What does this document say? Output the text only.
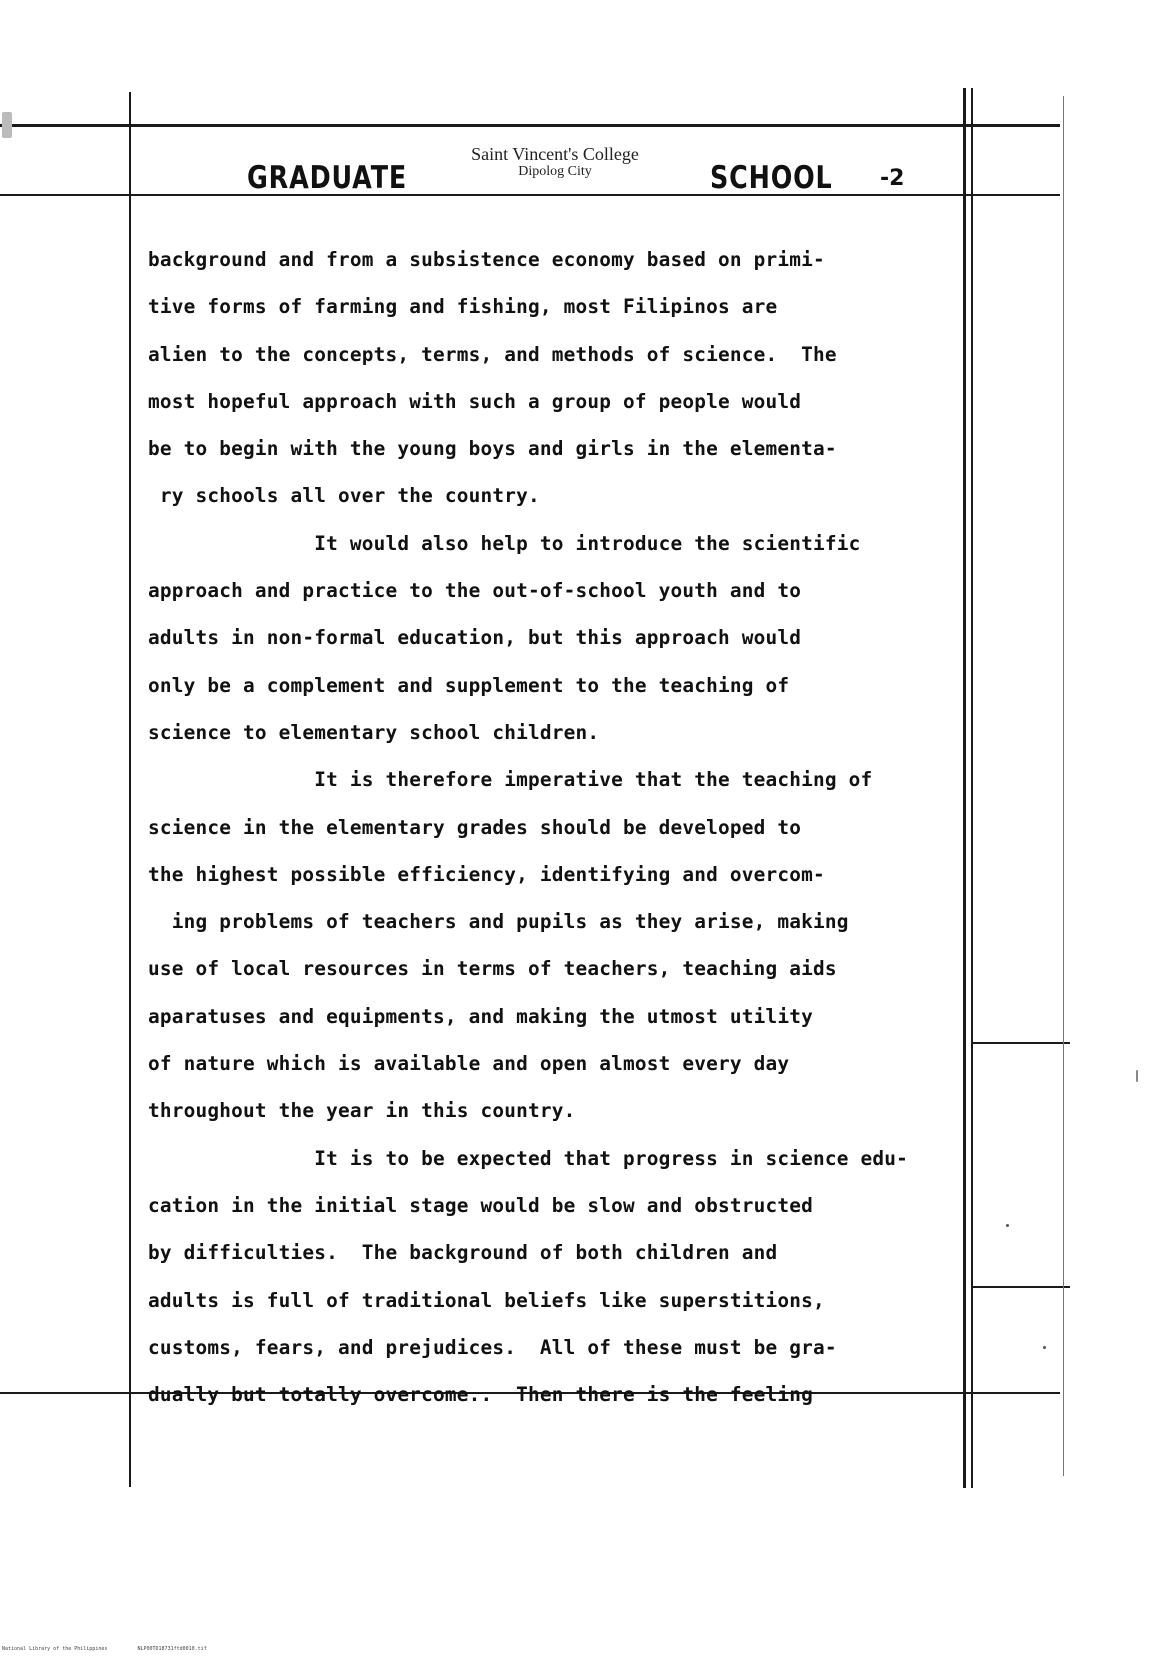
Saint Vincent's College
Dipolog City
GRADUATE	SCHOOL -2
background and from a subsistence economy based on primi-
tive forms of farming and fishing, most Filipinos are
alien to the concepts, terms, and methods of science.  The
most hopeful approach with such a group of people would
be to begin with the young boys and girls in the elementa-
ry schools all over the country.
It would also help to introduce the scientific
approach and practice to the out-of-school youth and to
adults in non-formal education, but this approach would
only be a complement and supplement to the teaching of
science to elementary school children.
It is therefore imperative that the teaching of
science in the elementary grades should be developed to
the highest possible efficiency, identifying and overcom-
ing problems of teachers and pupils as they arise, making
use of local resources in terms of teachers, teaching aids
aparatuses and equipments, and making the utmost utility
of nature which is available and open almost every day
throughout the year in this country.
It is to be expected that progress in science edu-
cation in the initial stage would be slow and obstructed
by difficulties.  The background of both children and
adults is full of traditional beliefs like superstitions,
customs, fears, and prejudices.  All of these must be gra-
dually but totally overcome..  Then there is the feeling
National Library of the Philippines	NLP00TD18731ftd0010.tif
